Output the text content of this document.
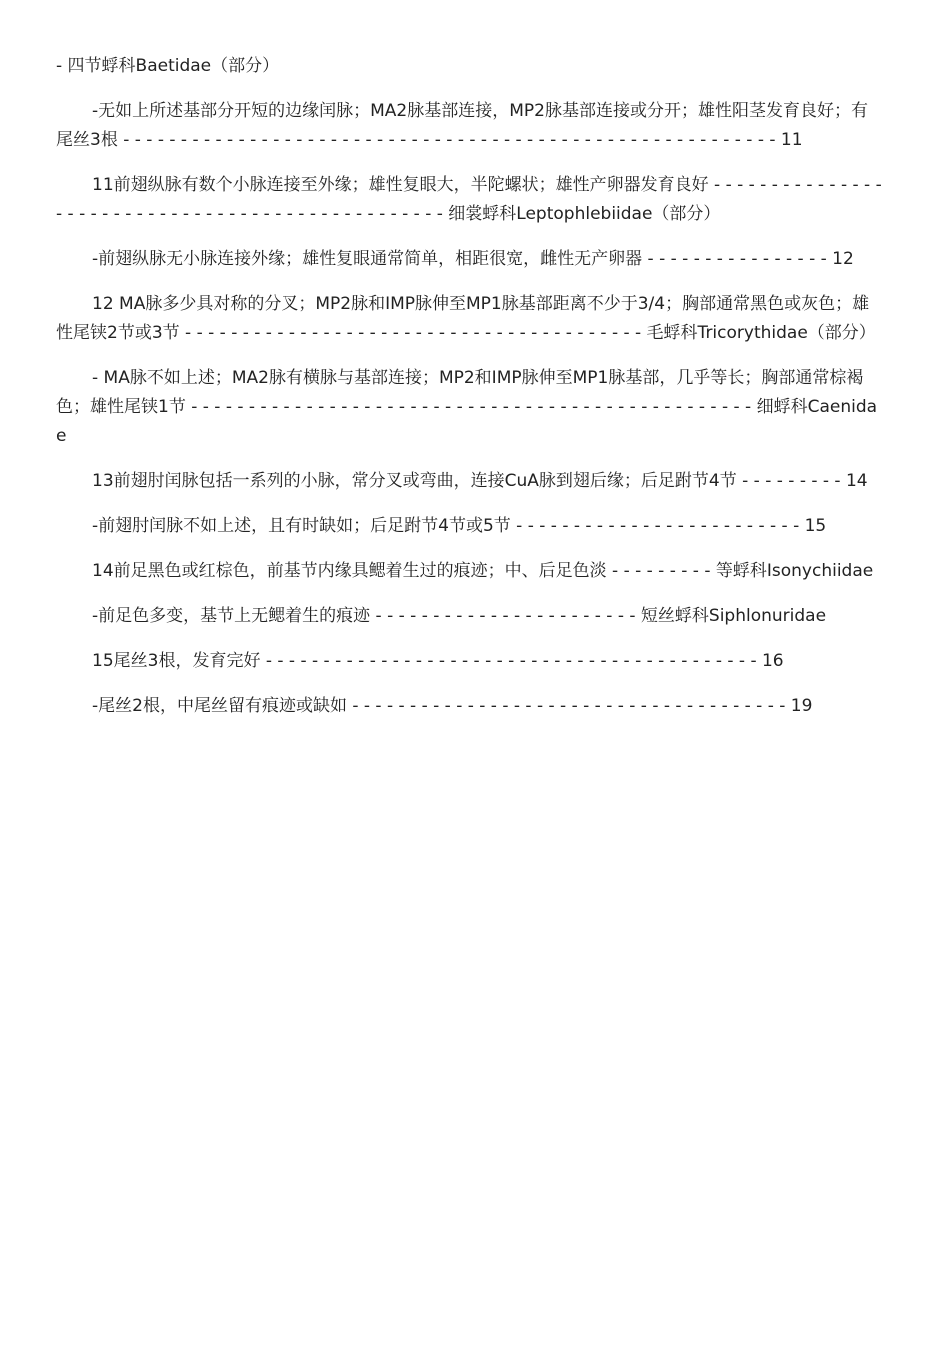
- 四节蜉科Baetidae（部分）

-无如上所述基部分开短的边缘闰脉；MA2脉基部连接，MP2脉基部连接或分开；雄性阳茎发育良好；有尾丝3根 - - - - - - - - - - - - - - - - - - - - - - - - - - - - - - - - - - - - - - - - - - - - - - - - - - - - - - - - - 11

11前翅纵脉有数个小脉连接至外缘；雄性复眼大，半陀螺状；雄性产卵器发育良好 - - - - - - - - - - - - - - - - - - - - - - - - - - - - - - - - - - - - - - - - - - - - - - - - - 细裳蜉科Leptophlebiidae（部分）

-前翅纵脉无小脉连接外缘；雄性复眼通常简单，相距很宽，雌性无产卵器 - - - - - - - - - - - - - - - - 12

12 MA脉多少具对称的分叉；MP2脉和IMP脉伸至MP1脉基部距离不少于3/4；胸部通常黑色或灰色；雄性尾铗2节或3节 - - - - - - - - - - - - - - - - - - - - - - - - - - - - - - - - - - - - - - - - 毛蜉科Tricorythidae（部分）

- MA脉不如上述；MA2脉有横脉与基部连接；MP2和IMP脉伸至MP1脉基部，几乎等长；胸部通常棕褐色；雄性尾铗1节 - - - - - - - - - - - - - - - - - - - - - - - - - - - - - - - - - - - - - - - - - - - - - - - - - 细蜉科Caenidae

13前翅肘闰脉包括一系列的小脉，常分叉或弯曲，连接CuA脉到翅后缘；后足跗节4节 - - - - - - - - - 14

-前翅肘闰脉不如上述，且有时缺如；后足跗节4节或5节 - - - - - - - - - - - - - - - - - - - - - - - - - 15

14前足黑色或红棕色，前基节内缘具鳃着生过的痕迹；中、后足色淡 - - - - - - - - - 等蜉科Isonychiidae

-前足色多变，基节上无鳃着生的痕迹 - - - - - - - - - - - - - - - - - - - - - - - 短丝蜉科Siphlonuridae

15尾丝3根，发育完好 - - - - - - - - - - - - - - - - - - - - - - - - - - - - - - - - - - - - - - - - - - - 16

-尾丝2根，中尾丝留有痕迹或缺如 - - - - - - - - - - - - - - - - - - - - - - - - - - - - - - - - - - - - - - 19
